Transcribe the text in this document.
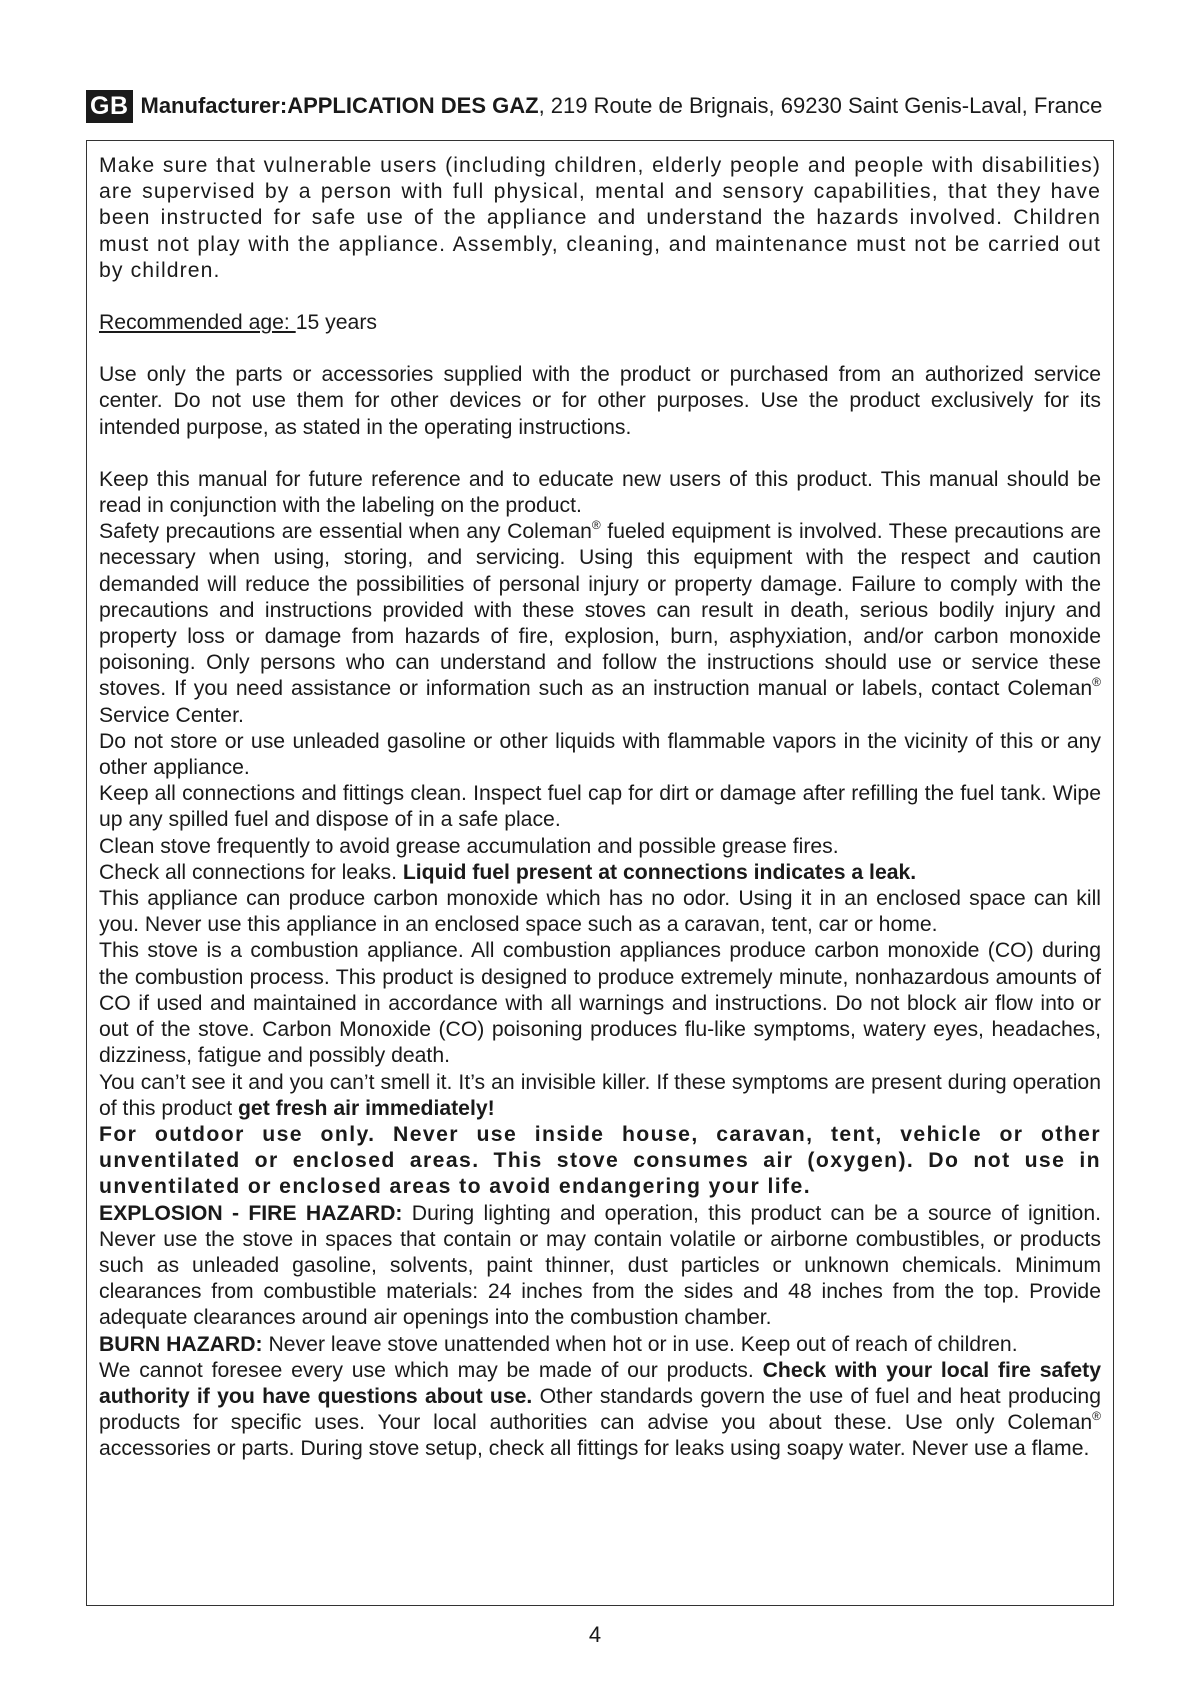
GB Manufacturer: APPLICATION DES GAZ , 219 Route de Brignais, 69230 Saint Genis-Laval, France

Make sure that vulnerable users (including children, elderly people and people with disabilities) are supervised by a person with full physical, mental and sensory capabilities, that they have been instructed for safe use of the appliance and understand the hazards involved. Children must not play with the appliance. Assembly, cleaning, and maintenance must not be carried out by children.

Recommended age: 15 years

Use only the parts or accessories supplied with the product or purchased from an authorized service center. Do not use them for other devices or for other purposes. Use the product exclusively for its intended purpose, as stated in the operating instructions.

Keep this manual for future reference and to educate new users of this product. This manual should be read in conjunction with the labeling on the product.

Safety precautions are essential when any Coleman® fueled equipment is involved. These precautions are necessary when using, storing, and servicing. Using this equipment with the respect and caution demanded will reduce the possibilities of personal injury or property damage. Failure to comply with the precautions and instructions provided with these stoves can result in death, serious bodily injury and property loss or damage from hazards of fire, explosion, burn, asphyxiation, and/or carbon monoxide poisoning. Only persons who can understand and follow the instructions should use or service these stoves. If you need assistance or information such as an instruction manual or labels, contact Coleman® Service Center.

Do not store or use unleaded gasoline or other liquids with flammable vapors in the vicinity of this or any other appliance.

Keep all connections and fittings clean. Inspect fuel cap for dirt or damage after refilling the fuel tank. Wipe up any spilled fuel and dispose of in a safe place.

Clean stove frequently to avoid grease accumulation and possible grease fires.

Check all connections for leaks. Liquid fuel present at connections indicates a leak.

This appliance can produce carbon monoxide which has no odor. Using it in an enclosed space can kill you. Never use this appliance in an enclosed space such as a caravan, tent, car or home.

This stove is a combustion appliance. All combustion appliances produce carbon monoxide (CO) during the combustion process. This product is designed to produce extremely minute, nonhazardous amounts of CO if used and maintained in accordance with all warnings and instructions. Do not block air flow into or out of the stove. Carbon Monoxide (CO) poisoning produces flu-like symptoms, watery eyes, headaches, dizziness, fatigue and possibly death.

You can’t see it and you can’t smell it. It’s an invisible killer. If these symptoms are present during operation of this product get fresh air immediately!

For outdoor use only. Never use inside house, caravan, tent, vehicle or other unventilated or enclosed areas. This stove consumes air (oxygen). Do not use in unventilated or enclosed areas to avoid endangering your life.

EXPLOSION - FIRE HAZARD: During lighting and operation, this product can be a source of ignition. Never use the stove in spaces that contain or may contain volatile or airborne combustibles, or products such as unleaded gasoline, solvents, paint thinner, dust particles or unknown chemicals. Minimum clearances from combustible materials: 24 inches from the sides and 48 inches from the top. Provide adequate clearances around air openings into the combustion chamber.

BURN HAZARD: Never leave stove unattended when hot or in use. Keep out of reach of children.

We cannot foresee every use which may be made of our products. Check with your local fire safety authority if you have questions about use. Other standards govern the use of fuel and heat producing products for specific uses. Your local authorities can advise you about these. Use only Coleman® accessories or parts. During stove setup, check all fittings for leaks using soapy water. Never use a flame.

4
